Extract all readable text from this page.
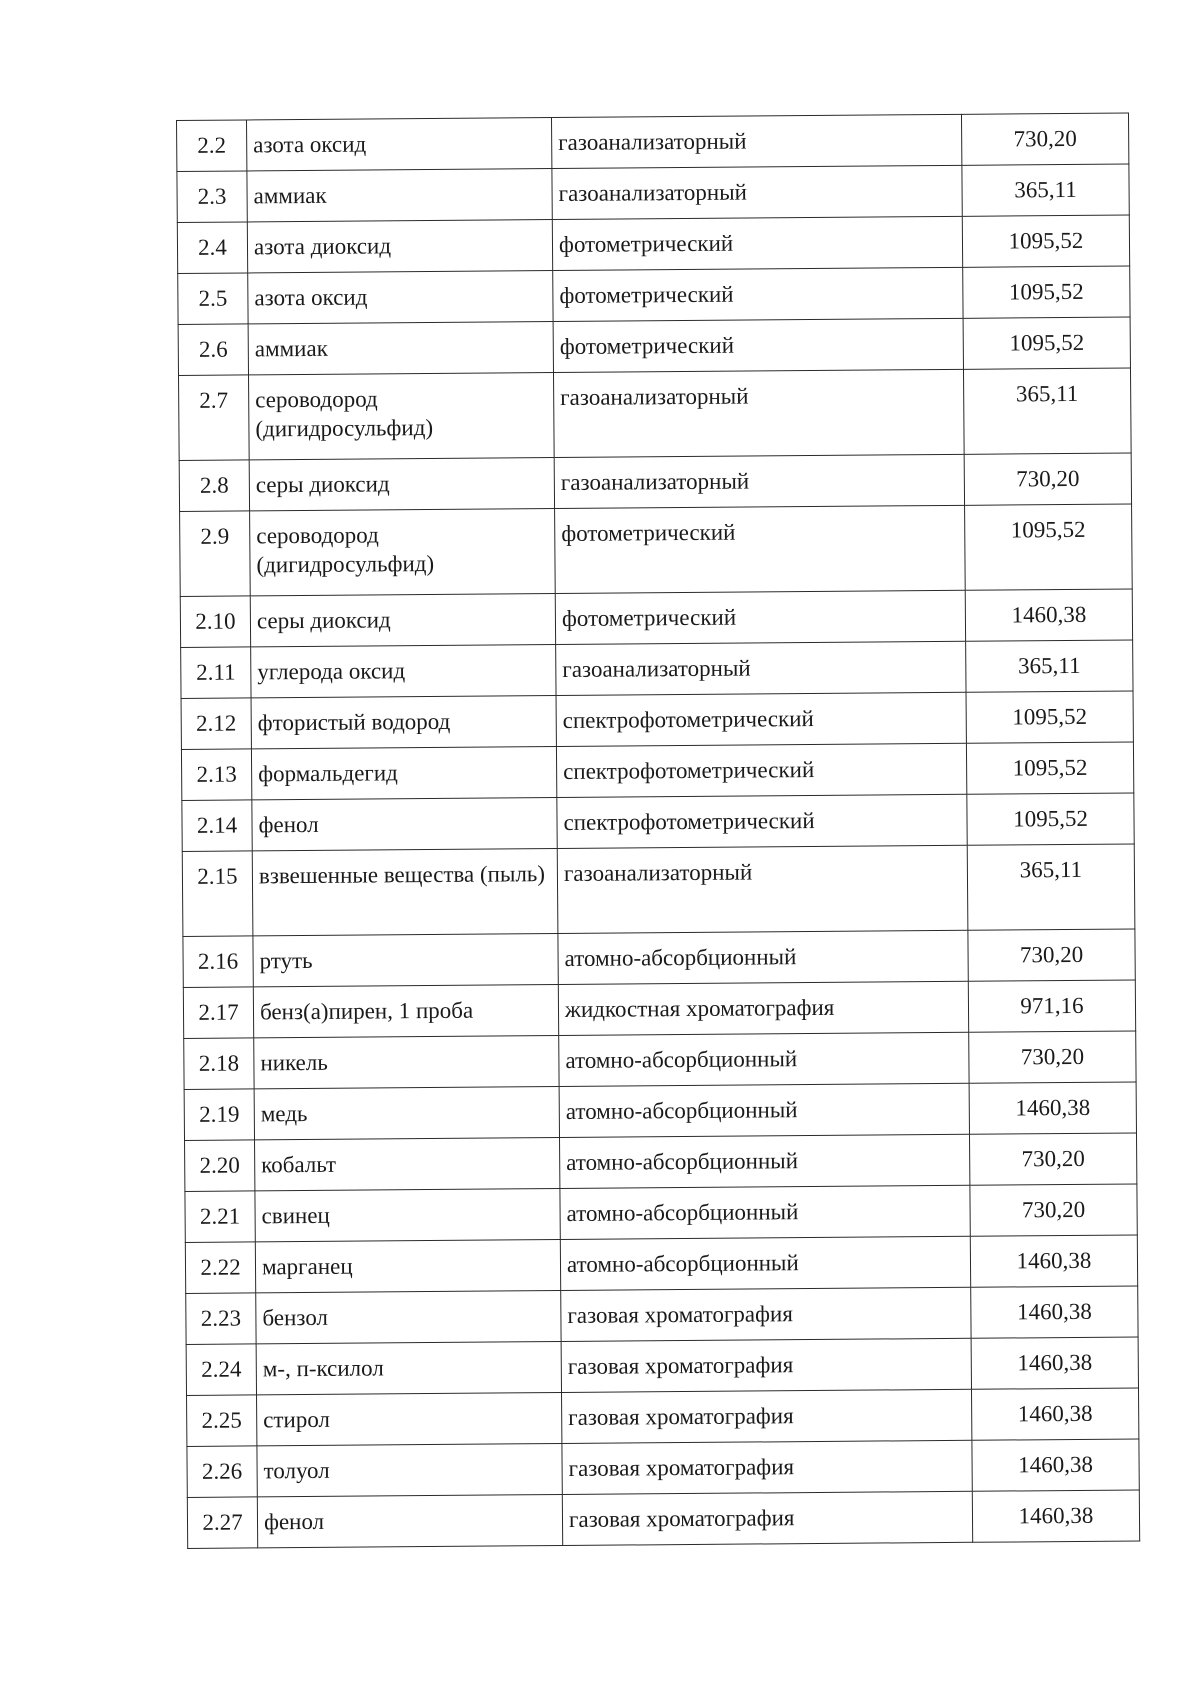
2.2	азота оксид	газоанализаторный	730,20
2.3	аммиак	газоанализаторный	365,11
2.4	азота диоксид	фотометрический	1095,52
2.5	азота оксид	фотометрический	1095,52
2.6	аммиак	фотометрический	1095,52
2.7	сероводород (дигидросульфид)	газоанализаторный	365,11
2.8	серы диоксид	газоанализаторный	730,20
2.9	сероводород (дигидросульфид)	фотометрический	1095,52
2.10	серы диоксид	фотометрический	1460,38
2.11	углерода оксид	газоанализаторный	365,11
2.12	фтористый водород	спектрофотометрический	1095,52
2.13	формальдегид	спектрофотометрический	1095,52
2.14	фенол	спектрофотометрический	1095,52
2.15	взвешенные вещества (пыль)	газоанализаторный	365,11
2.16	ртуть	атомно-абсорбционный	730,20
2.17	бенз(а)пирен, 1 проба	жидкостная хроматография	971,16
2.18	никель	атомно-абсорбционный	730,20
2.19	медь	атомно-абсорбционный	1460,38
2.20	кобальт	атомно-абсорбционный	730,20
2.21	свинец	атомно-абсорбционный	730,20
2.22	марганец	атомно-абсорбционный	1460,38
2.23	бензол	газовая хроматография	1460,38
2.24	м-, п-ксилол	газовая хроматография	1460,38
2.25	стирол	газовая хроматография	1460,38
2.26	толуол	газовая хроматография	1460,38
2.27	фенол	газовая хроматография	1460,38
